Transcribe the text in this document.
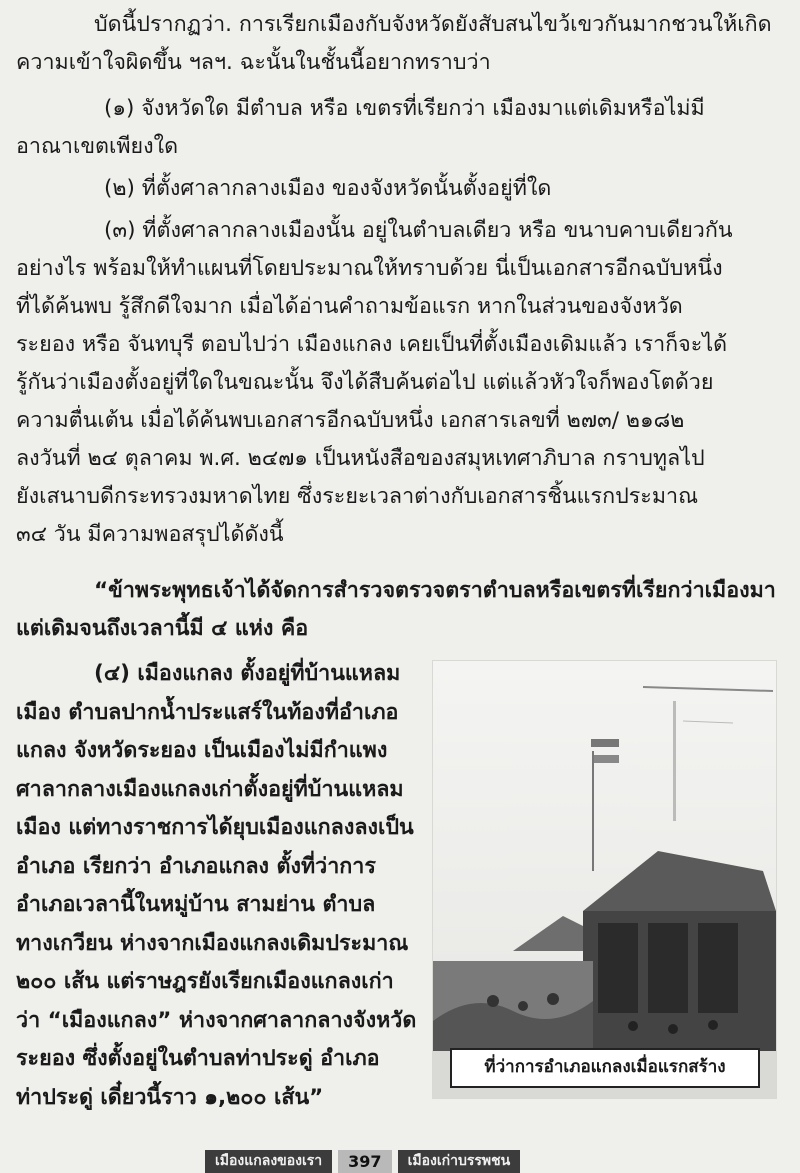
บัดนี้ปรากฏว่า. การเรียกเมืองกับจังหวัดยังสับสนไขว้เขวกันมากชวนให้เกิด
ความเข้าใจผิดขึ้น ฯลฯ. ฉะนั้นในชั้นนี้อยากทราบว่า
(๑) จังหวัดใด มีตำบล หรือ เขตรที่เรียกว่า เมืองมาแต่เดิมหรือไม่มี
อาณาเขตเพียงใด
(๒) ที่ตั้งศาลากลางเมือง ของจังหวัดนั้นตั้งอยู่ที่ใด
(๓) ที่ตั้งศาลากลางเมืองนั้น อยู่ในตำบลเดียว หรือ ขนาบคาบเดียวกัน
อย่างไร พร้อมให้ทำแผนที่โดยประมาณให้ทราบด้วย นี่เป็นเอกสารอีกฉบับหนึ่ง
ที่ได้ค้นพบ รู้สึกดีใจมาก เมื่อได้อ่านคำถามข้อแรก หากในส่วนของจังหวัด
ระยอง หรือ จันทบุรี ตอบไปว่า เมืองแกลง เคยเป็นที่ตั้งเมืองเดิมแล้ว เราก็จะได้
รู้กันว่าเมืองตั้งอยู่ที่ใดในขณะนั้น จึงได้สืบค้นต่อไป แต่แล้วหัวใจก็พองโตด้วย
ความตื่นเต้น เมื่อได้ค้นพบเอกสารอีกฉบับหนึ่ง เอกสารเลขที่ ๒๗๓/ ๒๑๘๒
ลงวันที่ ๒๔ ตุลาคม พ.ศ. ๒๔๗๑ เป็นหนังสือของสมุหเทศาภิบาล กราบทูลไป
ยังเสนาบดีกระทรวงมหาดไทย ซึ่งระยะเวลาต่างกับเอกสารชิ้นแรกประมาณ
๓๔ วัน มีความพอสรุปได้ดังนี้
“ข้าพระพุทธเจ้าได้จัดการสำรวจตรวจตราตำบลหรือเขตรที่เรียกว่าเมืองมา
แต่เดิมจนถึงเวลานี้มี ๔ แห่ง คือ
(๔) เมืองแกลง ตั้งอยู่ที่บ้านแหลม
เมือง ตำบลปากน้ำประแสร์ในท้องที่อำเภอ
แกลง จังหวัดระยอง เป็นเมืองไม่มีกำแพง
ศาลากลางเมืองแกลงเก่าตั้งอยู่ที่บ้านแหลม
เมือง แต่ทางราชการได้ยุบเมืองแกลงลงเป็น
อำเภอ เรียกว่า อำเภอแกลง ตั้งที่ว่าการ
อำเภอเวลานี้ในหมู่บ้าน สามย่าน ตำบล
ทางเกวียน ห่างจากเมืองแกลงเดิมประมาณ
๒๐๐ เส้น แต่ราษฎรยังเรียกเมืองแกลงเก่า
ว่า “เมืองแกลง” ห่างจากศาลากลางจังหวัด
ระยอง ซึ่งตั้งอยู่ในตำบลท่าประดู่ อำเภอ
ท่าประดู่ เดี๋ยวนี้ราว ๑,๒๐๐ เส้น”
ที่ว่าการอำเภอแกลงเมื่อแรกสร้าง
เมืองแกลงของเรา	397	เมืองเก่าบรรพชน
